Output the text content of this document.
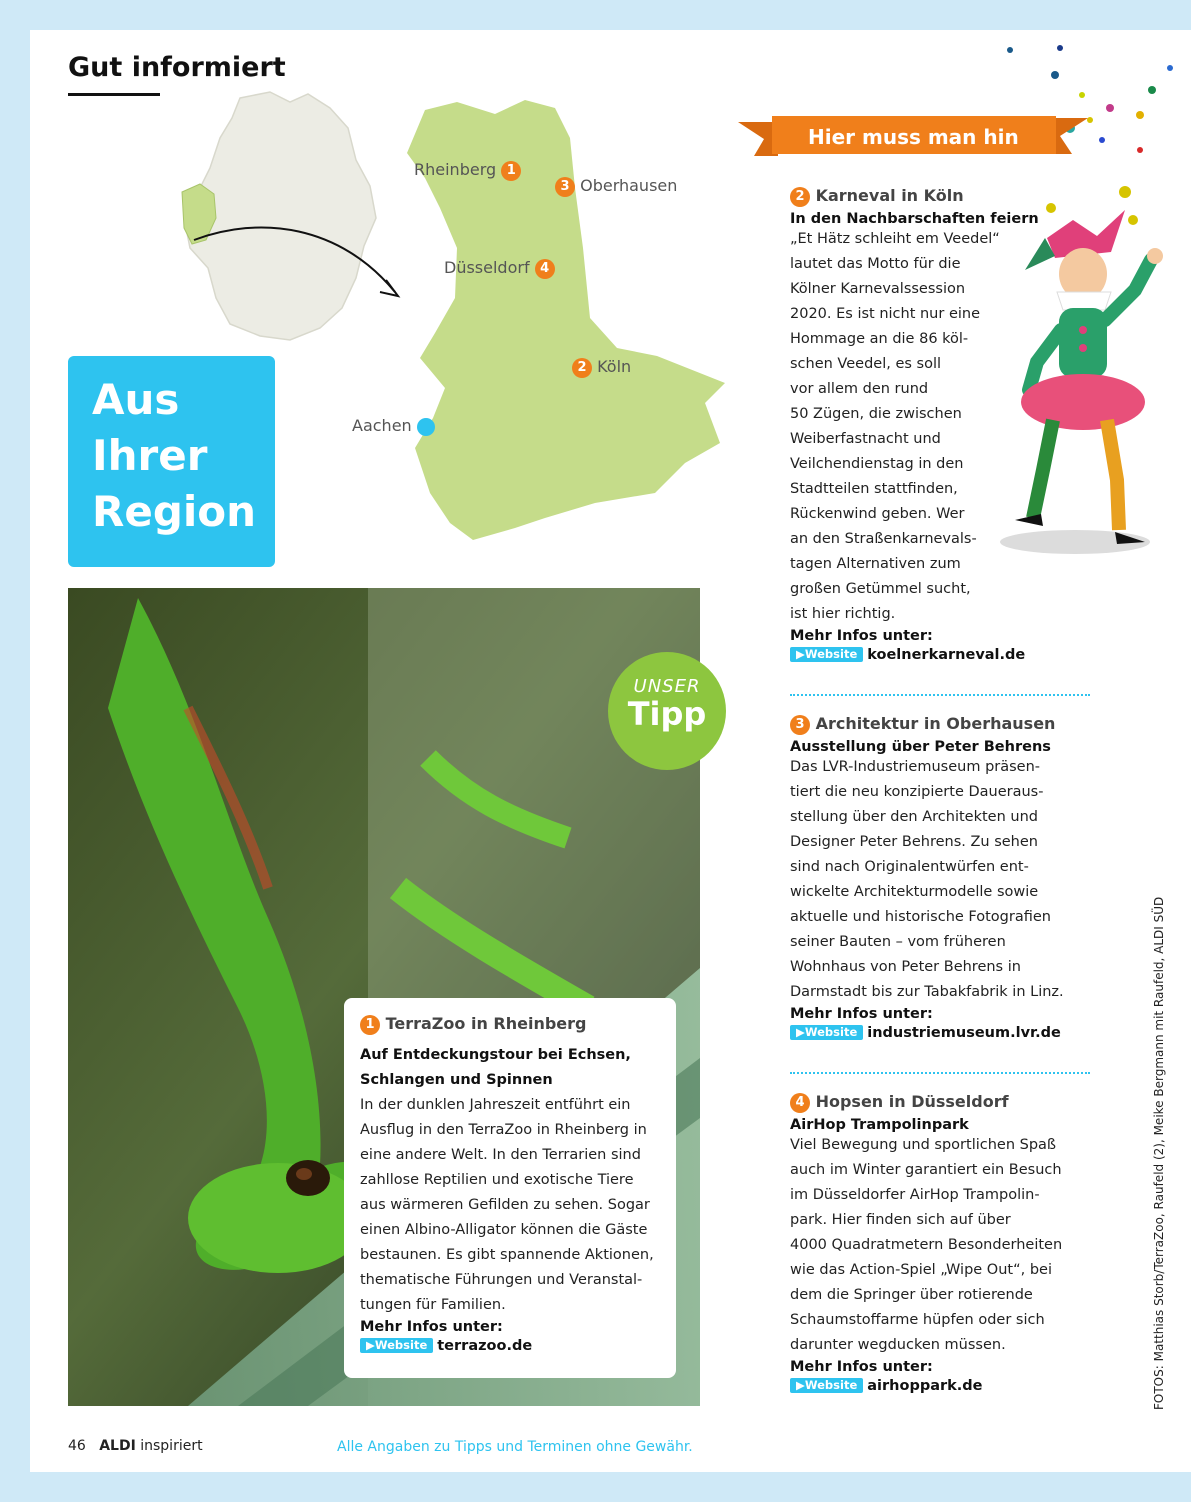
Gut informiert
Rheinberg 1
3 Oberhausen
Düsseldorf 4
2 Köln
Aachen
Aus
Ihrer
Region
Hier muss man hin
UNSER
Tipp
1 TerraZoo in Rheinberg
Auf Entdeckungstour bei Echsen,
Schlangen und Spinnen
In der dunklen Jahreszeit entführt ein
Ausflug in den TerraZoo in Rheinberg in
eine andere Welt. In den Terrarien sind
zahllose Reptilien und exotische Tiere
aus wärmeren Gefilden zu sehen. Sogar
einen Albino-Alligator können die Gäste
bestaunen. Es gibt spannende Aktionen,
thematische Führungen und Veranstal-
tungen für Familien.
Mehr Infos unter:
▶Website terrazoo.de
2 Karneval in Köln
In den Nachbarschaften feiern
„Et Hätz schleiht em Veedel“
lautet das Motto für die
Kölner Karnevalssession
2020. Es ist nicht nur eine
Hommage an die 86 köl-
schen Veedel, es soll
vor allem den rund
50 Zügen, die zwischen
Weiberfastnacht und
Veilchendienstag in den
Stadtteilen stattfinden,
Rückenwind geben. Wer
an den Straßenkarnevals-
tagen Alternativen zum
großen Getümmel sucht,
ist hier richtig.
Mehr Infos unter:
▶Website koelnerkarneval.de
3 Architektur in Oberhausen
Ausstellung über Peter Behrens
Das LVR-Industriemuseum präsen-
tiert die neu konzipierte Daueraus-
stellung über den Architekten und
Designer Peter Behrens. Zu sehen
sind nach Originalentwürfen ent-
wickelte Architekturmodelle sowie
aktuelle und historische Fotografien
seiner Bauten – vom früheren
Wohnhaus von Peter Behrens in
Darmstadt bis zur Tabakfabrik in Linz.
Mehr Infos unter:
▶Website industriemuseum.lvr.de
4 Hopsen in Düsseldorf
AirHop Trampolinpark
Viel Bewegung und sportlichen Spaß
auch im Winter garantiert ein Besuch
im Düsseldorfer AirHop Trampolin-
park. Hier finden sich auf über
4000 Quadratmetern Besonderheiten
wie das Action-Spiel „Wipe Out“, bei
dem die Springer über rotierende
Schaumstoffarme hüpfen oder sich
darunter wegducken müssen.
Mehr Infos unter:
▶Website airhoppark.de
46 ALDI inspiriert	Alle Angaben zu Tipps und Terminen ohne Gewähr.
FOTOS: Matthias Storb/TerraZoo, Raufeld (2), Meike Bergmann mit Raufeld, ALDI SÜD
